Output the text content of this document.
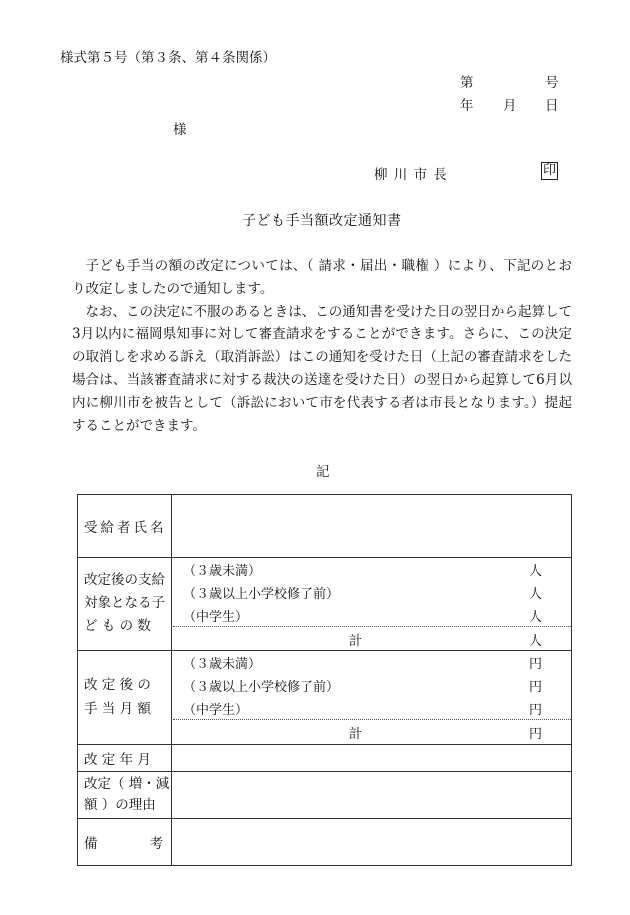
様式第５号（第３条、第４条関係）
第	号
年 月 日
様
柳 川 市 長	印
子ども手当額改定通知書

子ども手当の額の改定については、（ 請求・届出・職権 ）により、下記のとおり改定しましたので通知します。

なお、この決定に不服のあるときは、この通知書を受けた日の翌日から起算して3月以内に福岡県知事に対して審査請求をすることができます。さらに、この決定の取消しを求める訴え（取消訴訟）はこの通知を受けた日（上記の審査請求をした場合は、当該審査請求に対する裁決の送達を受けた日）の翌日から起算して6月以内に柳川市を被告として（訴訟において市を代表する者は市長となります。）提起することができます。

記
受給者氏名
改定後の支給
対象となる子
ど も の 数
（３歳未満）	人
（３歳以上小学校修了前）	人
（中学生）	人
計	人
改 定 後 の
手 当 月 額
（３歳未満）	円
（３歳以上小学校修了前）	円
（中学生）	円
計	円
改 定 年 月
改定（ 増・減
額 ）の理由
備	考
